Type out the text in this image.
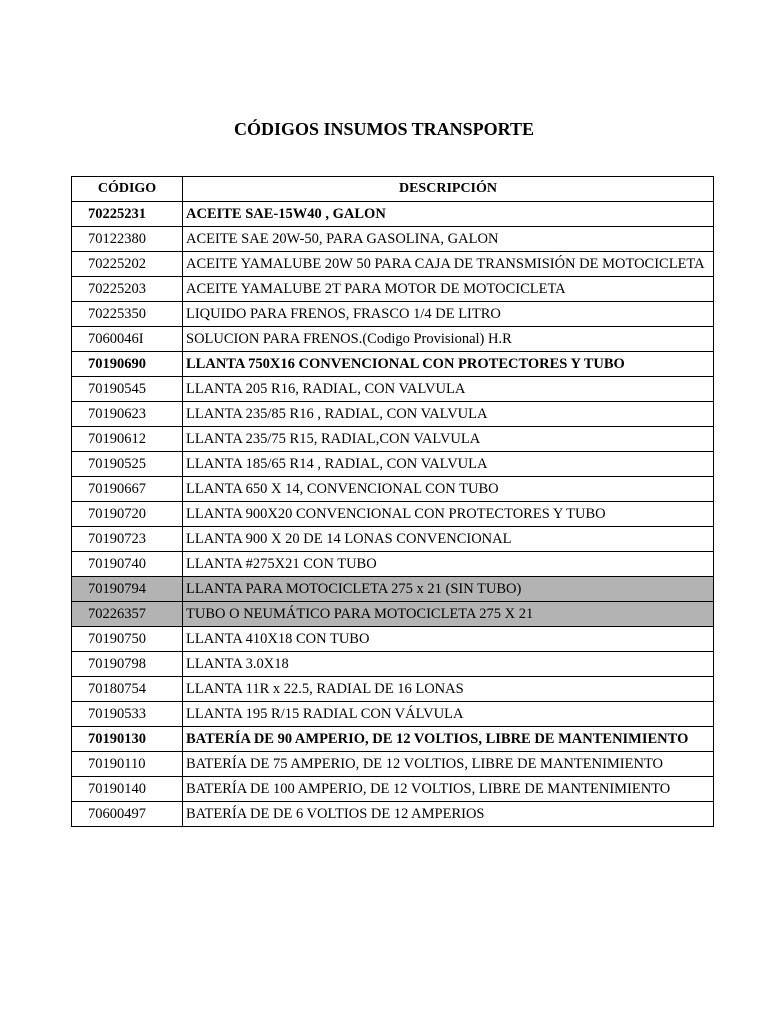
CÓDIGOS INSUMOS TRANSPORTE
CÓDIGO	DESCRIPCIÓN
70225231	ACEITE SAE-15W40 , GALON
70122380	ACEITE SAE 20W-50, PARA GASOLINA, GALON
70225202	ACEITE YAMALUBE 20W 50 PARA CAJA DE TRANSMISIÓN DE MOTOCICLETA
70225203	ACEITE YAMALUBE 2T PARA MOTOR DE MOTOCICLETA
70225350	LIQUIDO PARA FRENOS, FRASCO 1/4 DE LITRO
7060046I	SOLUCION PARA FRENOS.(Codigo Provisional) H.R
70190690	LLANTA 750X16 CONVENCIONAL CON PROTECTORES Y TUBO
70190545	LLANTA 205 R16, RADIAL, CON VALVULA
70190623	LLANTA 235/85 R16 , RADIAL, CON VALVULA
70190612	LLANTA 235/75 R15, RADIAL,CON VALVULA
70190525	LLANTA 185/65 R14 , RADIAL, CON VALVULA
70190667	LLANTA 650 X 14, CONVENCIONAL CON TUBO
70190720	LLANTA 900X20 CONVENCIONAL CON PROTECTORES Y TUBO
70190723	LLANTA 900 X 20 DE 14 LONAS CONVENCIONAL
70190740	LLANTA #275X21 CON TUBO
70190794	LLANTA PARA MOTOCICLETA 275 x 21 (SIN TUBO)
70226357	TUBO O NEUMÁTICO PARA MOTOCICLETA 275 X 21
70190750	LLANTA 410X18 CON TUBO
70190798	LLANTA 3.0X18
70180754	LLANTA 11R x 22.5, RADIAL DE 16 LONAS
70190533	LLANTA 195 R/15 RADIAL CON VÁLVULA
70190130	BATERÍA DE 90 AMPERIO, DE 12 VOLTIOS, LIBRE DE MANTENIMIENTO
70190110	BATERÍA DE 75 AMPERIO, DE 12 VOLTIOS, LIBRE DE MANTENIMIENTO
70190140	BATERÍA DE 100 AMPERIO, DE 12 VOLTIOS, LIBRE DE MANTENIMIENTO
70600497	BATERÍA DE DE 6 VOLTIOS DE 12 AMPERIOS
